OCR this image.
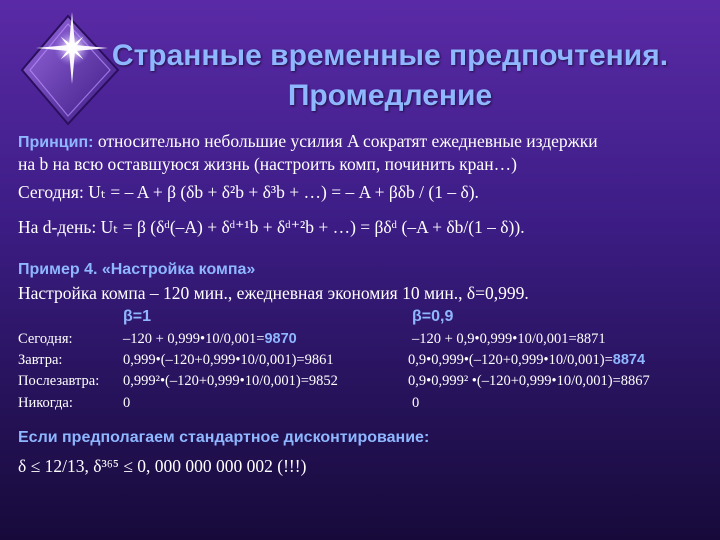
Странные временные предпочтения.
Промедление
Принцип: относительно небольшие усилия A сократят ежедневные издержки
на b на всю оставшуюся жизнь (настроить комп, починить кран…)
Сегодня: Uₜ = – A + β (δb + δ²b + δ³b + …) = – A + βδb / (1 – δ).
На d-день: Uₜ = β (δᵈ(–A) + δᵈ⁺¹b + δᵈ⁺²b + …) = βδᵈ (–A + δb/(1 – δ)).
Пример 4. «Настройка компа»
Настройка компа – 120 мин., ежедневная экономия 10 мин., δ=0,999.
β=1	β=0,9
Сегодня:	–120 + 0,999•10/0,001=9870	–120 + 0,9•0,999•10/0,001=8871
Завтра:	0,999•(–120+0,999•10/0,001)=9861	0,9•0,999•(–120+0,999•10/0,001)=8874
Послезавтра: 0,999²•(–120+0,999•10/0,001)=9852	0,9•0,999² •(–120+0,999•10/0,001)=8867
Никогда:	0	0
Если предполагаем стандартное дисконтирование:
δ ≤ 12/13, δ³⁶⁵ ≤ 0, 000 000 000 002 (!!!)
